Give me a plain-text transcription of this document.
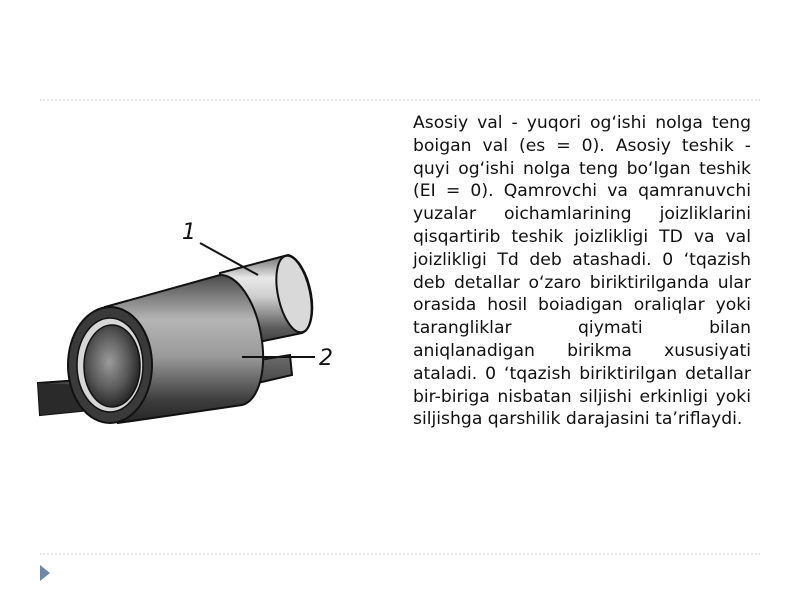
1
2

Asosiy val - yuqori og‘ishi nolga teng boigan val (es = 0). Asosiy teshik - quyi og‘ishi nolga teng bo‘lgan teshik (EI = 0). Qamrovchi va qamranuvchi yuzalar oichamlarining joizliklarini qisqartirib teshik joizlikligi TD va val joizlikligi Td deb atashadi. 0 ‘tqazish deb detallar o‘zaro biriktirilganda ular orasida hosil boiadigan oraliqlar yoki tarangliklar qiymati bilan aniqlanadigan birikma xususiyati ataladi. 0 ‘tqazish biriktirilgan detallar bir-biriga nisbatan siljishi erkinligi yoki siljishga qarshilik darajasini ta’riflaydi.
